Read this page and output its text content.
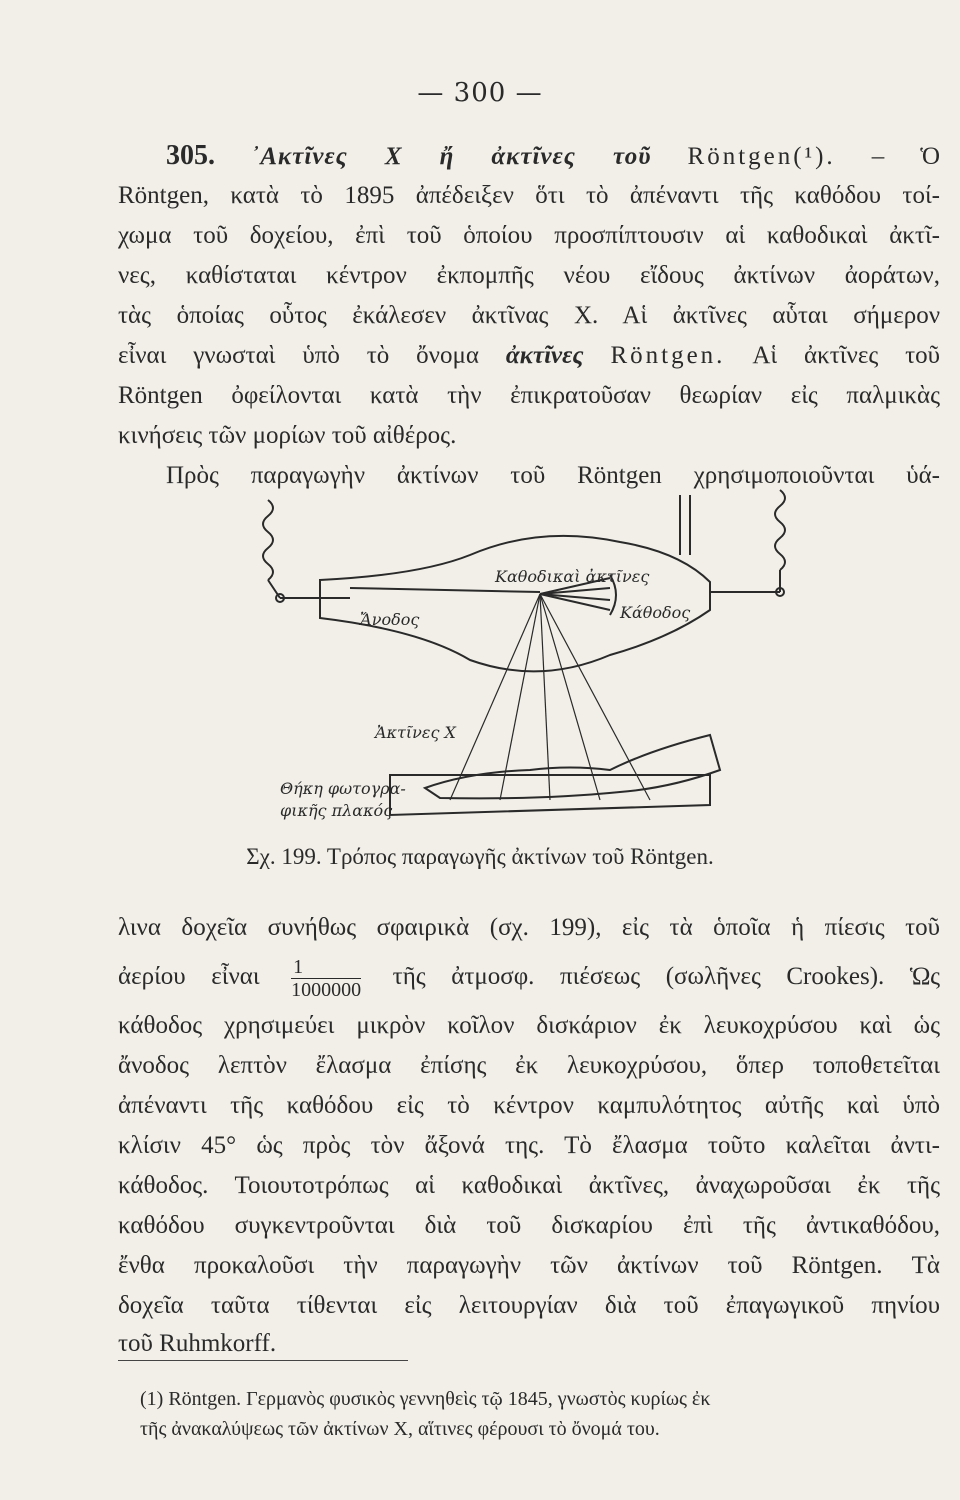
— 300 —
305. ᾽Ακτῖνες Χ ἤ ἀκτῖνες τοῦ Röntgen(¹). – Ὁ
Röntgen, κατὰ τὸ 1895 ἀπέδειξεν ὅτι τὸ ἀπέναντι τῆς καθόδου τοί-
χωμα τοῦ δοχείου, ἐπὶ τοῦ ὁποίου προσπίπτουσιν αἱ καθοδικαὶ ἀκτῖ-
νες, καθίσταται κέντρον ἐκπομπῆς νέου εἴδους ἀκτίνων ἀοράτων,
τὰς ὁποίας οὗτος ἐκάλεσεν ἀκτῖνας Χ. Αἱ ἀκτῖνες αὗται σήμερον
εἶναι γνωσταὶ ὑπὸ τὸ ὄνομα ἀκτῖνες Röntgen. Αἱ ἀκτῖνες τοῦ
Röntgen ὀφείλονται κατὰ τὴν ἐπικρατοῦσαν θεωρίαν εἰς παλμικὰς
κινήσεις τῶν μορίων τοῦ αἰθέρος.
Πρὸς παραγωγὴν ἀκτίνων τοῦ Röntgen χρησιμοποιοῦνται ὑά-
Καθοδικαὶ ἀκτῖνες
Ἄνοδος	Κάθοδος
Ἀκτῖνες Χ
Θήκη φωτογρα-
φικῆς πλακός
Σχ. 199. Τρόπος παραγωγῆς ἀκτίνων τοῦ Röntgen.
λινα δοχεῖα συνήθως σφαιρικὰ (σχ. 199), εἰς τὰ ὁποῖα ἡ πίεσις τοῦ
ἀερίου εἶναι $\frac{1}{1000000}$ τῆς ἀτμοσφ. πιέσεως (σωλῆνες Crookes). Ὡς
κάθοδος χρησιμεύει μικρὸν κοῖλον δισκάριον ἐκ λευκοχρύσου καὶ ὡς
ἄνοδος λεπτὸν ἔλασμα ἐπίσης ἐκ λευκοχρύσου, ὅπερ τοποθετεῖται
ἀπέναντι τῆς καθόδου εἰς τὸ κέντρον καμπυλότητος αὐτῆς καὶ ὑπὸ
κλίσιν 45° ὡς πρὸς τὸν ἄξονά της. Τὸ ἔλασμα τοῦτο καλεῖται ἀντι-
κάθοδος. Τοιουτοτρόπως αἱ καθοδικαὶ ἀκτῖνες, ἀναχωροῦσαι ἐκ τῆς
καθόδου συγκεντροῦνται διὰ τοῦ δισκαρίου ἐπὶ τῆς ἀντικαθόδου,
ἔνθα προκαλοῦσι τὴν παραγωγὴν τῶν ἀκτίνων τοῦ Röntgen. Τὰ
δοχεῖα ταῦτα τίθενται εἰς λειτουργίαν διὰ τοῦ ἐπαγωγικοῦ πηνίου
τοῦ Ruhmkorff.
(1) Röntgen. Γερμανὸς φυσικὸς γεννηθεὶς τῷ 1845, γνωστὸς κυρίως ἐκ
τῆς ἀνακαλύψεως τῶν ἀκτίνων Χ, αἵτινες φέρουσι τὸ ὄνομά του.
